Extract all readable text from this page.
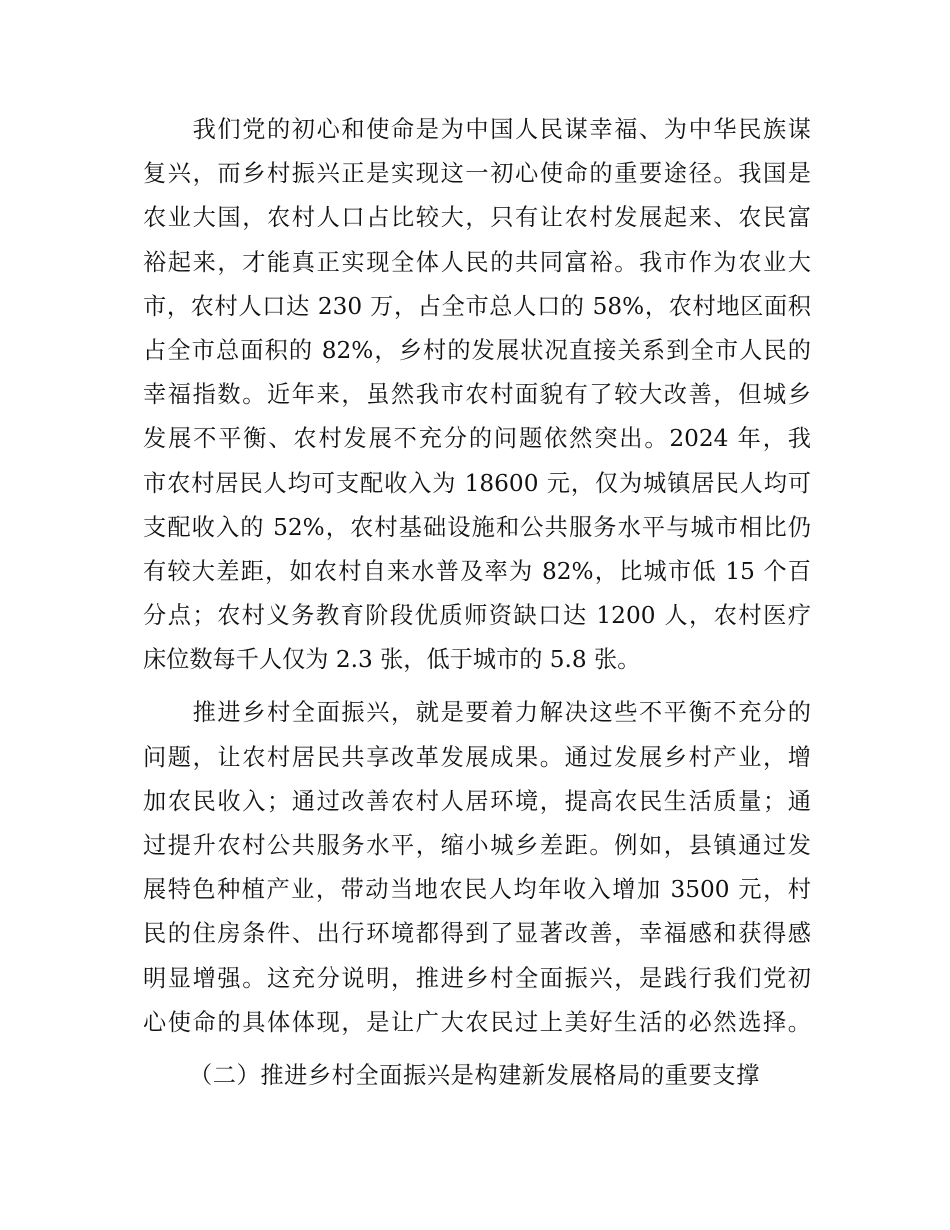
　　我们党的初心和使命是为中国人民谋幸福、为中华民族谋
复兴，而乡村振兴正是实现这一初心使命的重要途径。我国是
农业大国，农村人口占比较大，只有让农村发展起来、农民富
裕起来，才能真正实现全体人民的共同富裕。我市作为农业大
市，农村人口达 230 万，占全市总人口的 58%，农村地区面积
占全市总面积的 82%，乡村的发展状况直接关系到全市人民的
幸福指数。近年来，虽然我市农村面貌有了较大改善，但城乡
发展不平衡、农村发展不充分的问题依然突出。2024 年，我
市农村居民人均可支配收入为 18600 元，仅为城镇居民人均可
支配收入的 52%，农村基础设施和公共服务水平与城市相比仍
有较大差距，如农村自来水普及率为 82%，比城市低 15 个百
分点；农村义务教育阶段优质师资缺口达 1200 人，农村医疗
床位数每千人仅为 2.3 张，低于城市的 5.8 张。
　　推进乡村全面振兴，就是要着力解决这些不平衡不充分的
问题，让农村居民共享改革发展成果。通过发展乡村产业，增
加农民收入；通过改善农村人居环境，提高农民生活质量；通
过提升农村公共服务水平，缩小城乡差距。例如，县镇通过发
展特色种植产业，带动当地农民人均年收入增加 3500 元，村
民的住房条件、出行环境都得到了显著改善，幸福感和获得感
明显增强。这充分说明，推进乡村全面振兴，是践行我们党初
心使命的具体体现，是让广大农民过上美好生活的必然选择。
（二）推进乡村全面振兴是构建新发展格局的重要支撑
